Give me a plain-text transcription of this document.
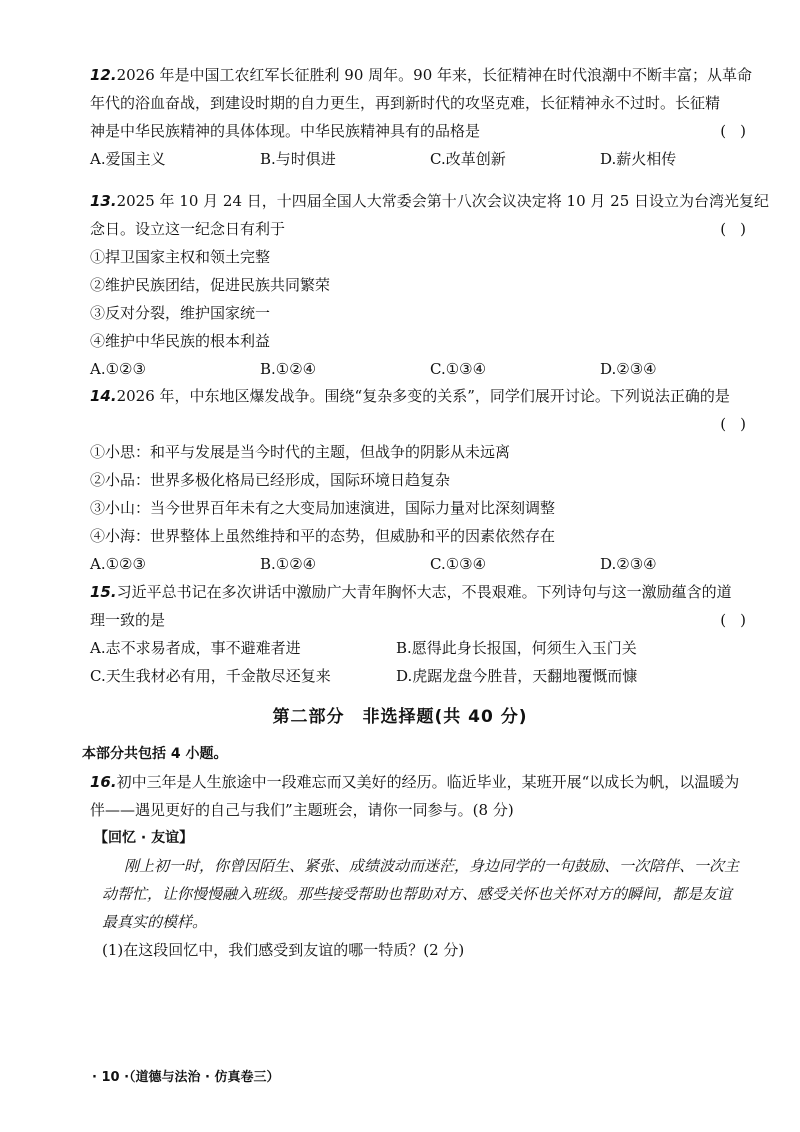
12.2026 年是中国工农红军长征胜利 90 周年。90 年来，长征精神在时代浪潮中不断丰富；从革命
年代的浴血奋战，到建设时期的自力更生，再到新时代的攻坚克难，长征精神永不过时。长征精
神是中华民族精神的具体体现。中华民族精神具有的品格是	()
A.爱国主义	B.与时俱进	C.改革创新	D.薪火相传
13.2025 年 10 月 24 日，十四届全国人大常委会第十八次会议决定将 10 月 25 日设立为台湾光复纪
念日。设立这一纪念日有利于	()
①捍卫国家主权和领土完整
②维护民族团结，促进民族共同繁荣
③反对分裂，维护国家统一
④维护中华民族的根本利益
A.①②③	B.①②④	C.①③④	D.②③④
14.2026 年，中东地区爆发战争。围绕“复杂多变的关系”，同学们展开讨论。下列说法正确的是
()
①小思：和平与发展是当今时代的主题，但战争的阴影从未远离
②小品：世界多极化格局已经形成，国际环境日趋复杂
③小山：当今世界百年未有之大变局加速演进，国际力量对比深刻调整
④小海：世界整体上虽然维持和平的态势，但威胁和平的因素依然存在
A.①②③	B.①②④	C.①③④	D.②③④
15.习近平总书记在多次讲话中激励广大青年胸怀大志，不畏艰难。下列诗句与这一激励蕴含的道
理一致的是	()
A.志不求易者成，事不避难者进	B.愿得此身长报国，何须生入玉门关
C.天生我材必有用，千金散尽还复来	D.虎踞龙盘今胜昔，天翻地覆慨而慷
第二部分　非选择题(共 40 分)
本部分共包括 4 小题。
16.初中三年是人生旅途中一段难忘而又美好的经历。临近毕业，某班开展“以成长为帆，以温暖为
伴——遇见更好的自己与我们”主题班会，请你一同参与。(8 分)
【回忆 · 友谊】
刚上初一时，你曾因陌生、紧张、成绩波动而迷茫，身边同学的一句鼓励、一次陪伴、一次主
动帮忙，让你慢慢融入班级。那些接受帮助也帮助对方、感受关怀也关怀对方的瞬间，都是友谊
最真实的模样。
(1)在这段回忆中，我们感受到友谊的哪一特质？(2 分)
· 10 ·（道德与法治 · 仿真卷三）
